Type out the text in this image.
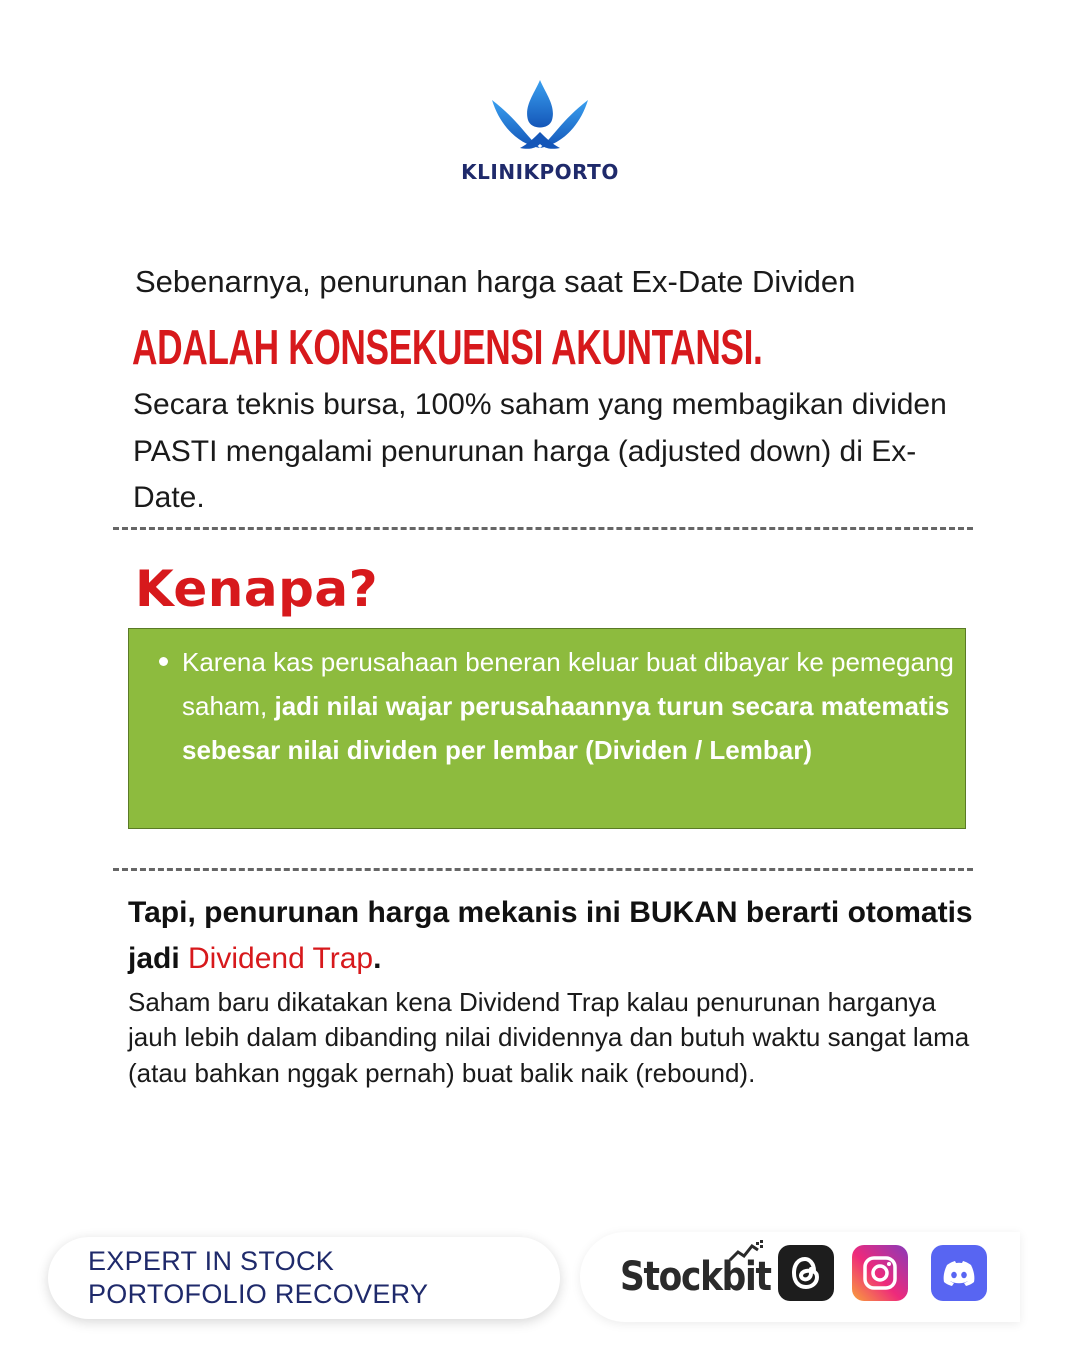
KLINIKPORTO
Sebenarnya, penurunan harga saat Ex-Date Dividen
ADALAH KONSEKUENSI AKUNTANSI.
Secara teknis bursa, 100% saham yang membagikan dividen PASTI mengalami penurunan harga (adjusted down) di Ex-Date.
Kenapa?
Karena kas perusahaan beneran keluar buat dibayar ke pemegang saham, jadi nilai wajar perusahaannya turun secara matematis sebesar nilai dividen per lembar (Dividen / Lembar)
Tapi, penurunan harga mekanis ini BUKAN berarti otomatis jadi Dividend Trap.
Saham baru dikatakan kena Dividend Trap kalau penurunan harganya jauh lebih dalam dibanding nilai dividennya dan butuh waktu sangat lama (atau bahkan nggak pernah) buat balik naik (rebound).
EXPERT IN STOCK
PORTOFOLIO RECOVERY	Stockbit
